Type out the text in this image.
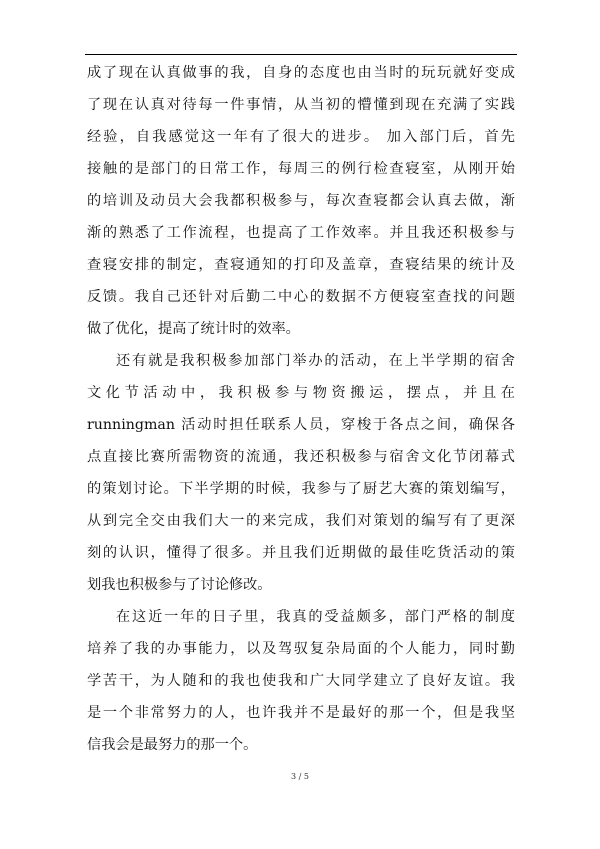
成了现在认真做事的我，自身的态度也由当时的玩玩就好变成
了现在认真对待每一件事情，从当初的懵懂到现在充满了实践
经验，自我感觉这一年有了很大的进步。 加入部门后，首先
接触的是部门的日常工作，每周三的例行检查寝室，从刚开始
的培训及动员大会我都积极参与，每次查寝都会认真去做，渐
渐的熟悉了工作流程，也提高了工作效率。并且我还积极参与
查寝安排的制定，查寝通知的打印及盖章，查寝结果的统计及
反馈。我自己还针对后勤二中心的数据不方便寝室查找的问题
做了优化，提高了统计时的效率。
还有就是我积极参加部门举办的活动，在上半学期的宿舍
文化节活动中，我积极参与物资搬运，摆点，并且在
runningman 活动时担任联系人员，穿梭于各点之间，确保各
点直接比赛所需物资的流通，我还积极参与宿舍文化节闭幕式
的策划讨论。下半学期的时候，我参与了厨艺大赛的策划编写，
从到完全交由我们大一的来完成，我们对策划的编写有了更深
刻的认识，懂得了很多。并且我们近期做的最佳吃货活动的策
划我也积极参与了讨论修改。
在这近一年的日子里，我真的受益颇多，部门严格的制度
培养了我的办事能力，以及驾驭复杂局面的个人能力，同时勤
学苦干，为人随和的我也使我和广大同学建立了良好友谊。我
是一个非常努力的人，也许我并不是最好的那一个，但是我坚
信我会是最努力的那一个。
3 / 5
